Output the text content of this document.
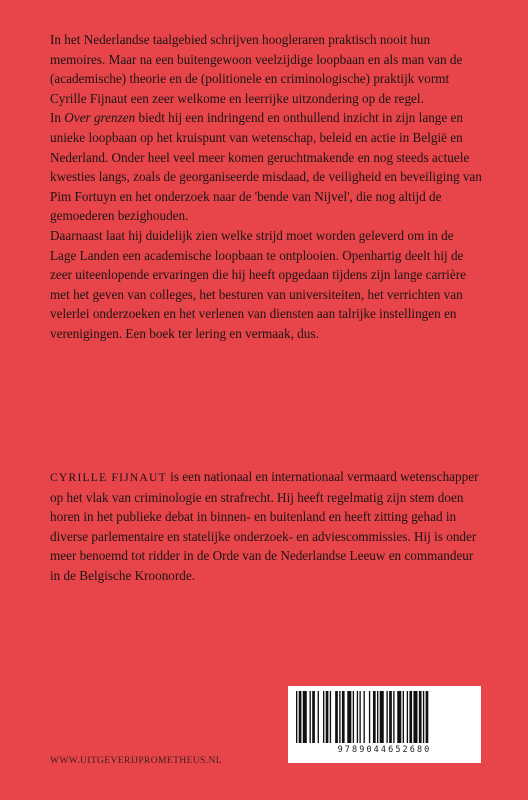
In het Nederlandse taalgebied schrijven hoogleraren praktisch nooit hun memoires. Maar na een buitengewoon veelzijdige loopbaan en als man van de (academische) theorie en de (politionele en criminologische) praktijk vormt Cyrille Fijnaut een zeer welkome en leerrijke uitzondering op de regel.

In Over grenzen biedt hij een indringend en onthullend inzicht in zijn lange en unieke loopbaan op het kruispunt van wetenschap, beleid en actie in België en Nederland. Onder heel veel meer komen geruchtmakende en nog steeds actuele kwesties langs, zoals de georganiseerde misdaad, de veiligheid en beveiliging van Pim Fortuyn en het onderzoek naar de 'bende van Nijvel', die nog altijd de gemoederen bezighouden.

Daarnaast laat hij duidelijk zien welke strijd moet worden geleverd om in de Lage Landen een academische loopbaan te ontplooien. Openhartig deelt hij de zeer uiteenlopende ervaringen die hij heeft opgedaan tijdens zijn lange carrière met het geven van colleges, het besturen van universiteiten, het verrichten van velerlei onderzoeken en het verlenen van diensten aan talrijke instellingen en verenigingen. Een boek ter lering en vermaak, dus.

CYRILLE FIJNAUT is een nationaal en internationaal vermaard wetenschapper op het vlak van criminologie en strafrecht. Hij heeft regelmatig zijn stem doen horen in het publieke debat in binnen- en buitenland en heeft zitting gehad in diverse parlementaire en statelijke onderzoek- en adviescommissies. Hij is onder meer benoemd tot ridder in de Orde van de Nederlandse Leeuw en commandeur in de Belgische Kroonorde.

9789044652680
WWW.UITGEVERIJPROMETHEUS.NL
